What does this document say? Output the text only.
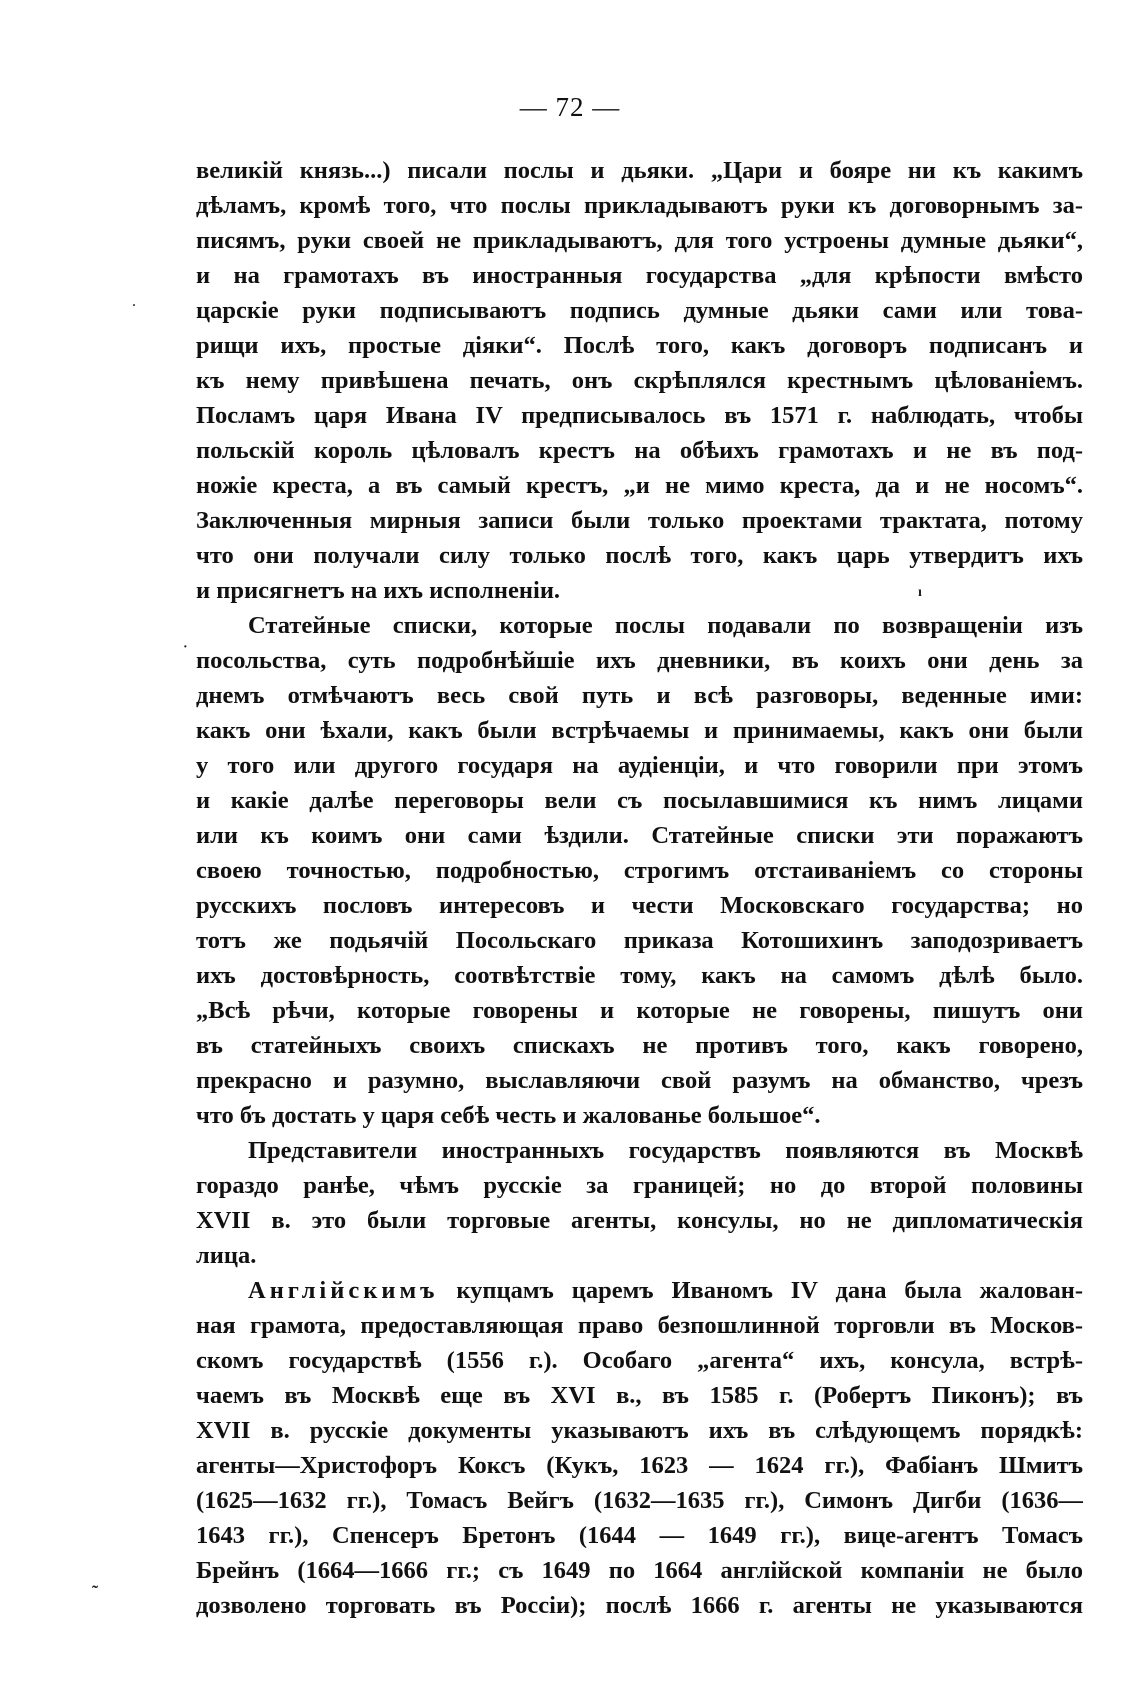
— 72 —
великій князь...) писали послы и дьяки. „Цари и бояре ни къ какимъ
дѣламъ, кромѣ того, что послы прикладываютъ руки къ договорнымъ за-
писямъ, руки своей не прикладываютъ, для того устроены думные дьяки“,
и на грамотахъ въ иностранныя государства „для крѣпости вмѣсто
царскіе руки подписываютъ подпись думные дьяки сами или това-
рищи ихъ, простые діяки“. Послѣ того, какъ договоръ подписанъ и
къ нему привѣшена печать, онъ скрѣплялся крестнымъ цѣлованіемъ.
Посламъ царя Ивана IV предписывалось въ 1571 г. наблюдать, чтобы
польскій король цѣловалъ крестъ на обѣихъ грамотахъ и не въ под-
ножіе креста, а въ самый крестъ, „и не мимо креста, да и не носомъ“.
Заключенныя мирныя записи были только проектами трактата, потому
что они получали силу только послѣ того, какъ царь утвердитъ ихъ
и присягнетъ на ихъ исполненіи.
Статейные списки, которые послы подавали по возвращеніи изъ
посольства, суть подробнѣйшіе ихъ дневники, въ коихъ они день за
днемъ отмѣчаютъ весь свой путь и всѣ разговоры, веденные ими:
какъ они ѣхали, какъ были встрѣчаемы и принимаемы, какъ они были
у того или другого государя на аудіенціи, и что говорили при этомъ
и какіе далѣе переговоры вели съ посылавшимися къ нимъ лицами
или къ коимъ они сами ѣздили. Статейные списки эти поражаютъ
своею точностью, подробностью, строгимъ отстаиваніемъ со стороны
русскихъ пословъ интересовъ и чести Московскаго государства; но
тотъ же подьячій Посольскаго приказа Котошихинъ заподозриваетъ
ихъ достовѣрность, соотвѣтствіе тому, какъ на самомъ дѣлѣ было.
„Всѣ рѣчи, которые говорены и которые не говорены, пишутъ они
въ статейныхъ своихъ спискахъ не противъ того, какъ говорено,
прекрасно и разумно, выславляючи свой разумъ на обманство, чрезъ
что бъ достать у царя себѣ честь и жалованье большое“.
Представители иностранныхъ государствъ появляются въ Москвѣ
гораздо ранѣе, чѣмъ русскіе за границей; но до второй половины
XVII в. это были торговые агенты, консулы, но не дипломатическія
лица.
Англійскимъ купцамъ царемъ Иваномъ IV дана была жалован-
ная грамота, предоставляющая право безпошлинной торговли въ Москов-
скомъ государствѣ (1556 г.). Особаго „агента“ ихъ, консула, встрѣ-
чаемъ въ Москвѣ еще въ XVI в., въ 1585 г. (Робертъ Пиконъ); въ
XVII в. русскіе документы указываютъ ихъ въ слѣдующемъ порядкѣ:
агенты—Христофоръ Коксъ (Кукъ, 1623 — 1624 гг.), Фабіанъ Шмитъ
(1625—1632 гг.), Томасъ Вейгъ (1632—1635 гг.), Симонъ Дигби (1636—
1643 гг.), Спенсеръ Бретонъ (1644 — 1649 гг.), вице-агентъ Томасъ
Брейнъ (1664—1666 гг.; съ 1649 по 1664 англійской компаніи не было
дозволено торговать въ Россіи); послѣ 1666 г. агенты не указываются
·
·
ı
˜
